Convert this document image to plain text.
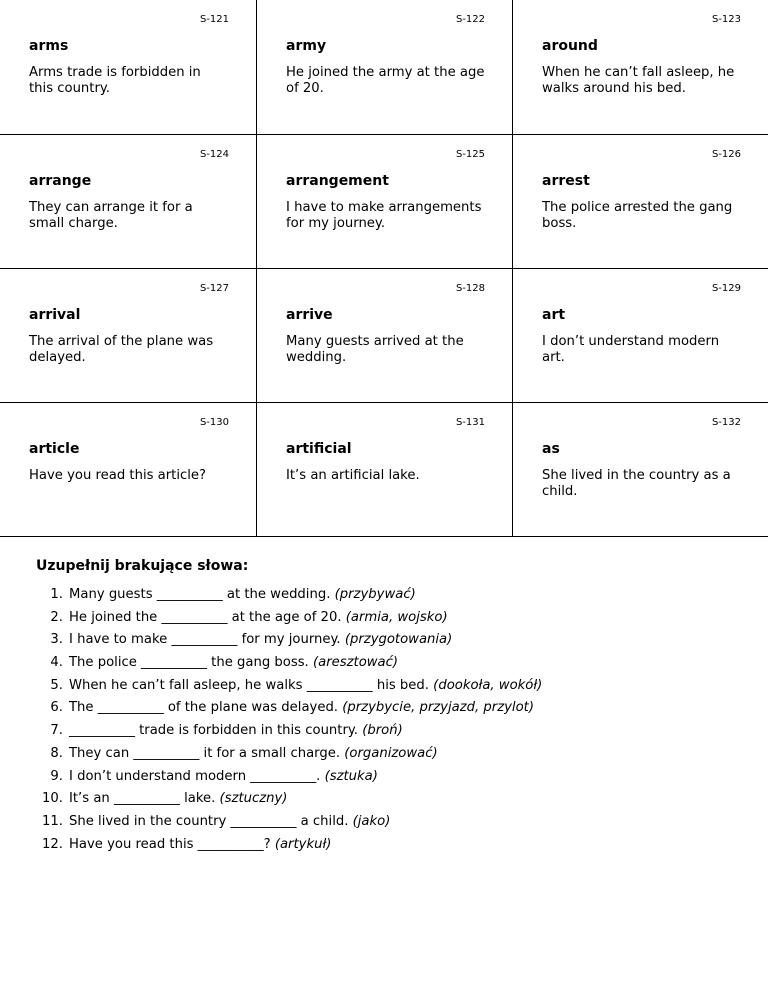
S-121
arms
Arms trade is forbidden in this country.
S-122
army
He joined the army at the age of 20.
S-123
around
When he can’t fall asleep, he walks around his bed.
S-124
arrange
They can arrange it for a small charge.
S-125
arrangement
I have to make arrangements for my journey.
S-126
arrest
The police arrested the gang boss.
S-127
arrival
The arrival of the plane was delayed.
S-128
arrive
Many guests arrived at the wedding.
S-129
art
I don’t understand modern art.
S-130
article
Have you read this article?
S-131
artificial
It’s an artificial lake.
S-132
as
She lived in the country as a child.
Uzupełnij brakujące słowa:
1. Many guests __________ at the wedding. (przybywać)
2. He joined the __________ at the age of 20. (armia, wojsko)
3. I have to make __________ for my journey. (przygotowania)
4. The police __________ the gang boss. (aresztować)
5. When he can’t fall asleep, he walks __________ his bed. (dookoła, wokół)
6. The __________ of the plane was delayed. (przybycie, przyjazd, przylot)
7. __________ trade is forbidden in this country. (broń)
8. They can __________ it for a small charge. (organizować)
9. I don’t understand modern __________. (sztuka)
10. It’s an __________ lake. (sztuczny)
11. She lived in the country __________ a child. (jako)
12. Have you read this __________? (artykuł)
